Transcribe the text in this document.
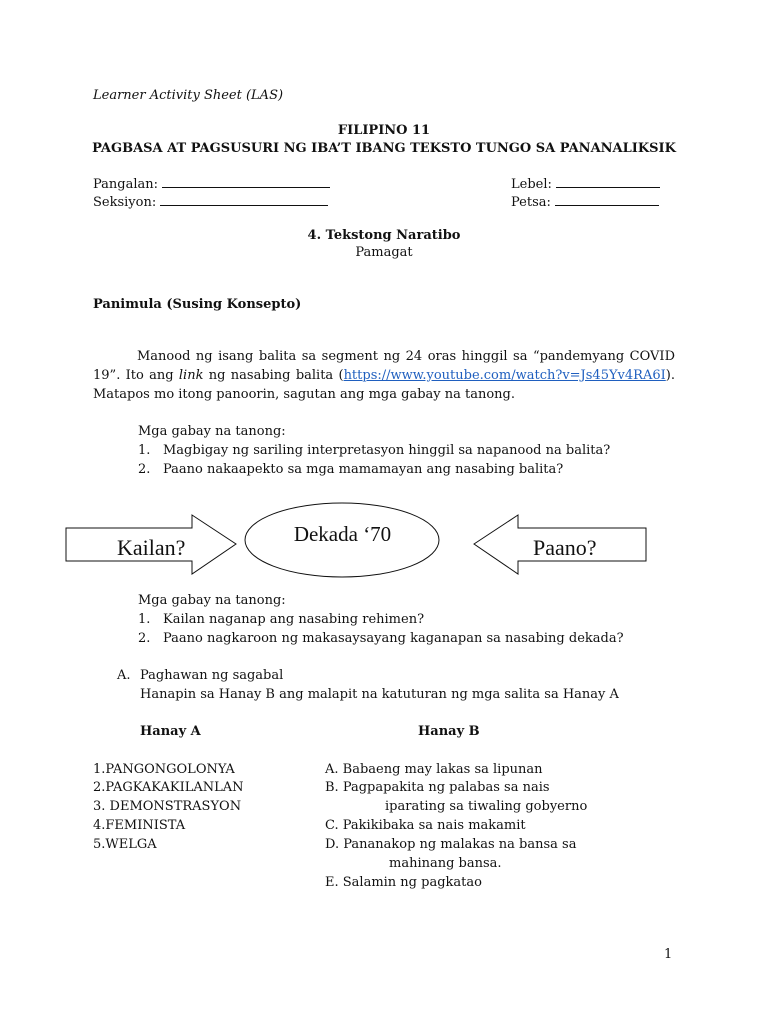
Learner Activity Sheet (LAS)
FILIPINO 11
PAGBASA AT PAGSUSURI NG IBA’T IBANG TEKSTO TUNGO SA PANANALIKSIK
Pangalan:
Seksiyon:
Lebel:
Petsa:
4. Tekstong Naratibo
Pamagat
Panimula (Susing Konsepto)
Manood ng isang balita sa segment ng 24 oras hinggil sa “pandemyang COVID 19”. Ito ang link ng nasabing balita (https://www.youtube.com/watch?v=Js45Yv4RA6I). Matapos mo itong panoorin, sagutan ang mga gabay na tanong.
Mga gabay na tanong:
1. Magbigay ng sariling interpretasyon hinggil sa napanood na balita?
2. Paano nakaapekto sa mga mamamayan ang nasabing balita?
Kailan?
Dekada ‘70
Paano?
Mga gabay na tanong:
1. Kailan naganap ang nasabing rehimen?
2. Paano nagkaroon ng makasaysayang kaganapan sa nasabing dekada?
A. Paghawan ng sagabal
Hanapin sa Hanay B ang malapit na katuturan ng mga salita sa Hanay A
Hanay A	Hanay B
1.PANGONGOLONYA
2.PAGKAKAKILANLAN
3. DEMONSTRASYON
4.FEMINISTA
5.WELGA
A. Babaeng may lakas sa lipunan
B. Pagpapakita ng palabas sa nais
iparating sa tiwaling gobyerno
C. Pakikibaka sa nais makamit
D. Pananakop ng malakas na bansa sa
mahinang bansa.
E. Salamin ng pagkatao
1
